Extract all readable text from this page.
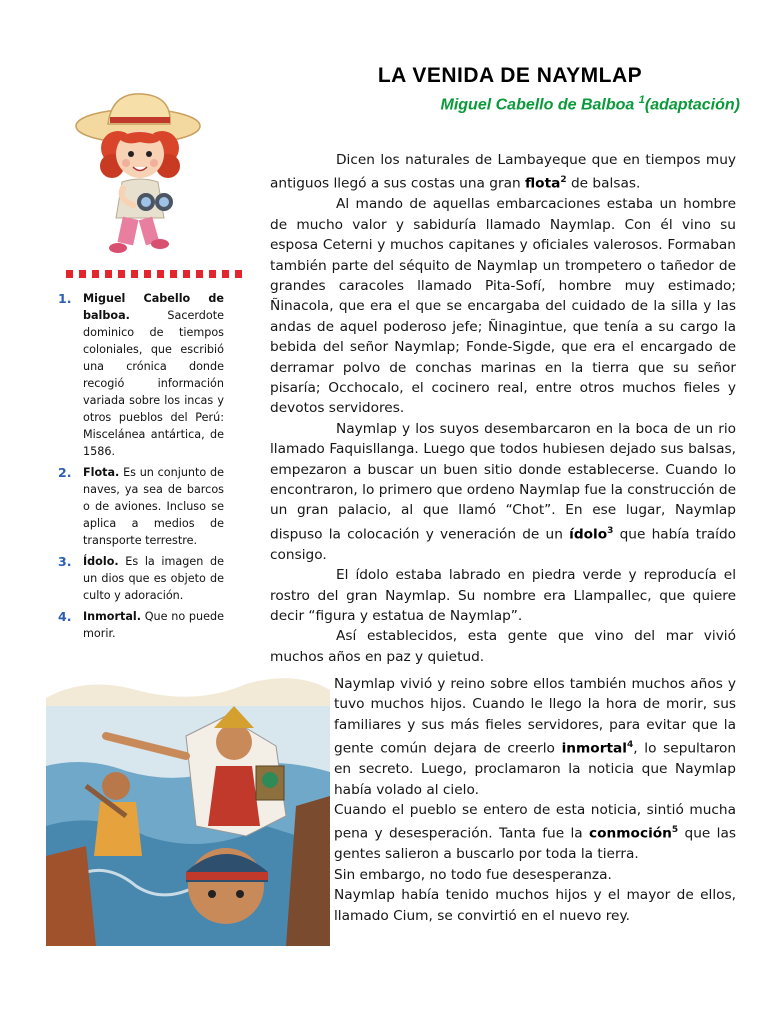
LA VENIDA DE NAYMLAP
Miguel Cabello de Balboa $^1$(adaptación)
1. Miguel Cabello de balboa. Sacerdote dominico de tiempos coloniales, que escribió una crónica donde recogió información variada sobre los incas y otros pueblos del Perú: Miscelánea antártica, de 1586.
2. Flota. Es un conjunto de naves, ya sea de barcos o de aviones. Incluso se aplica a medios de transporte terrestre.
3. Ídolo. Es la imagen de un dios que es objeto de culto y adoración.
4. Inmortal. Que no puede morir.

Dicen los naturales de Lambayeque que en tiempos muy antiguos llegó a sus costas una gran flota$^2$ de balsas.

Al mando de aquellas embarcaciones estaba un hombre de mucho valor y sabiduría llamado Naymlap. Con él vino su esposa Ceterni y muchos capitanes y oficiales valerosos. Formaban también parte del séquito de Naymlap un trompetero o tañedor de grandes caracoles llamado Pita-Sofí, hombre muy estimado; Ñinacola, que era el que se encargaba del cuidado de la silla y las andas de aquel poderoso jefe; Ñinagintue, que tenía a su cargo la bebida del señor Naymlap; Fonde-Sigde, que era el encargado de derramar polvo de conchas marinas en la tierra que su señor pisaría; Occhocalo, el cocinero real, entre otros muchos fieles y devotos servidores.

Naymlap y los suyos desembarcaron en la boca de un rio llamado Faquisllanga. Luego que todos hubiesen dejado sus balsas, empezaron a buscar un buen sitio donde establecerse. Cuando lo encontraron, lo primero que ordeno Naymlap fue la construcción de un gran palacio, al que llamó “Chot”. En ese lugar, Naymlap dispuso la colocación y veneración de un ídolo$^3$ que había traído consigo.

El ídolo estaba labrado en piedra verde y reproducía el rostro del gran Naymlap. Su nombre era Llampallec, que quiere decir “figura y estatua de Naymlap”.

Así establecidos, esta gente que vino del mar vivió muchos años en paz y quietud.

Naymlap vivió y reino sobre ellos también muchos años y tuvo muchos hijos. Cuando le llego la hora de morir, sus familiares y sus más fieles servidores, para evitar que la gente común dejara de creerlo inmortal$^4$, lo sepultaron en secreto. Luego, proclamaron la noticia que Naymlap había volado al cielo.

Cuando el pueblo se entero de esta noticia, sintió mucha pena y desesperación. Tanta fue la conmoción$^5$ que las gentes salieron a buscarlo por toda la tierra.

Sin embargo, no todo fue desesperanza.

Naymlap había tenido muchos hijos y el mayor de ellos, llamado Cium, se convirtió en el nuevo rey.
